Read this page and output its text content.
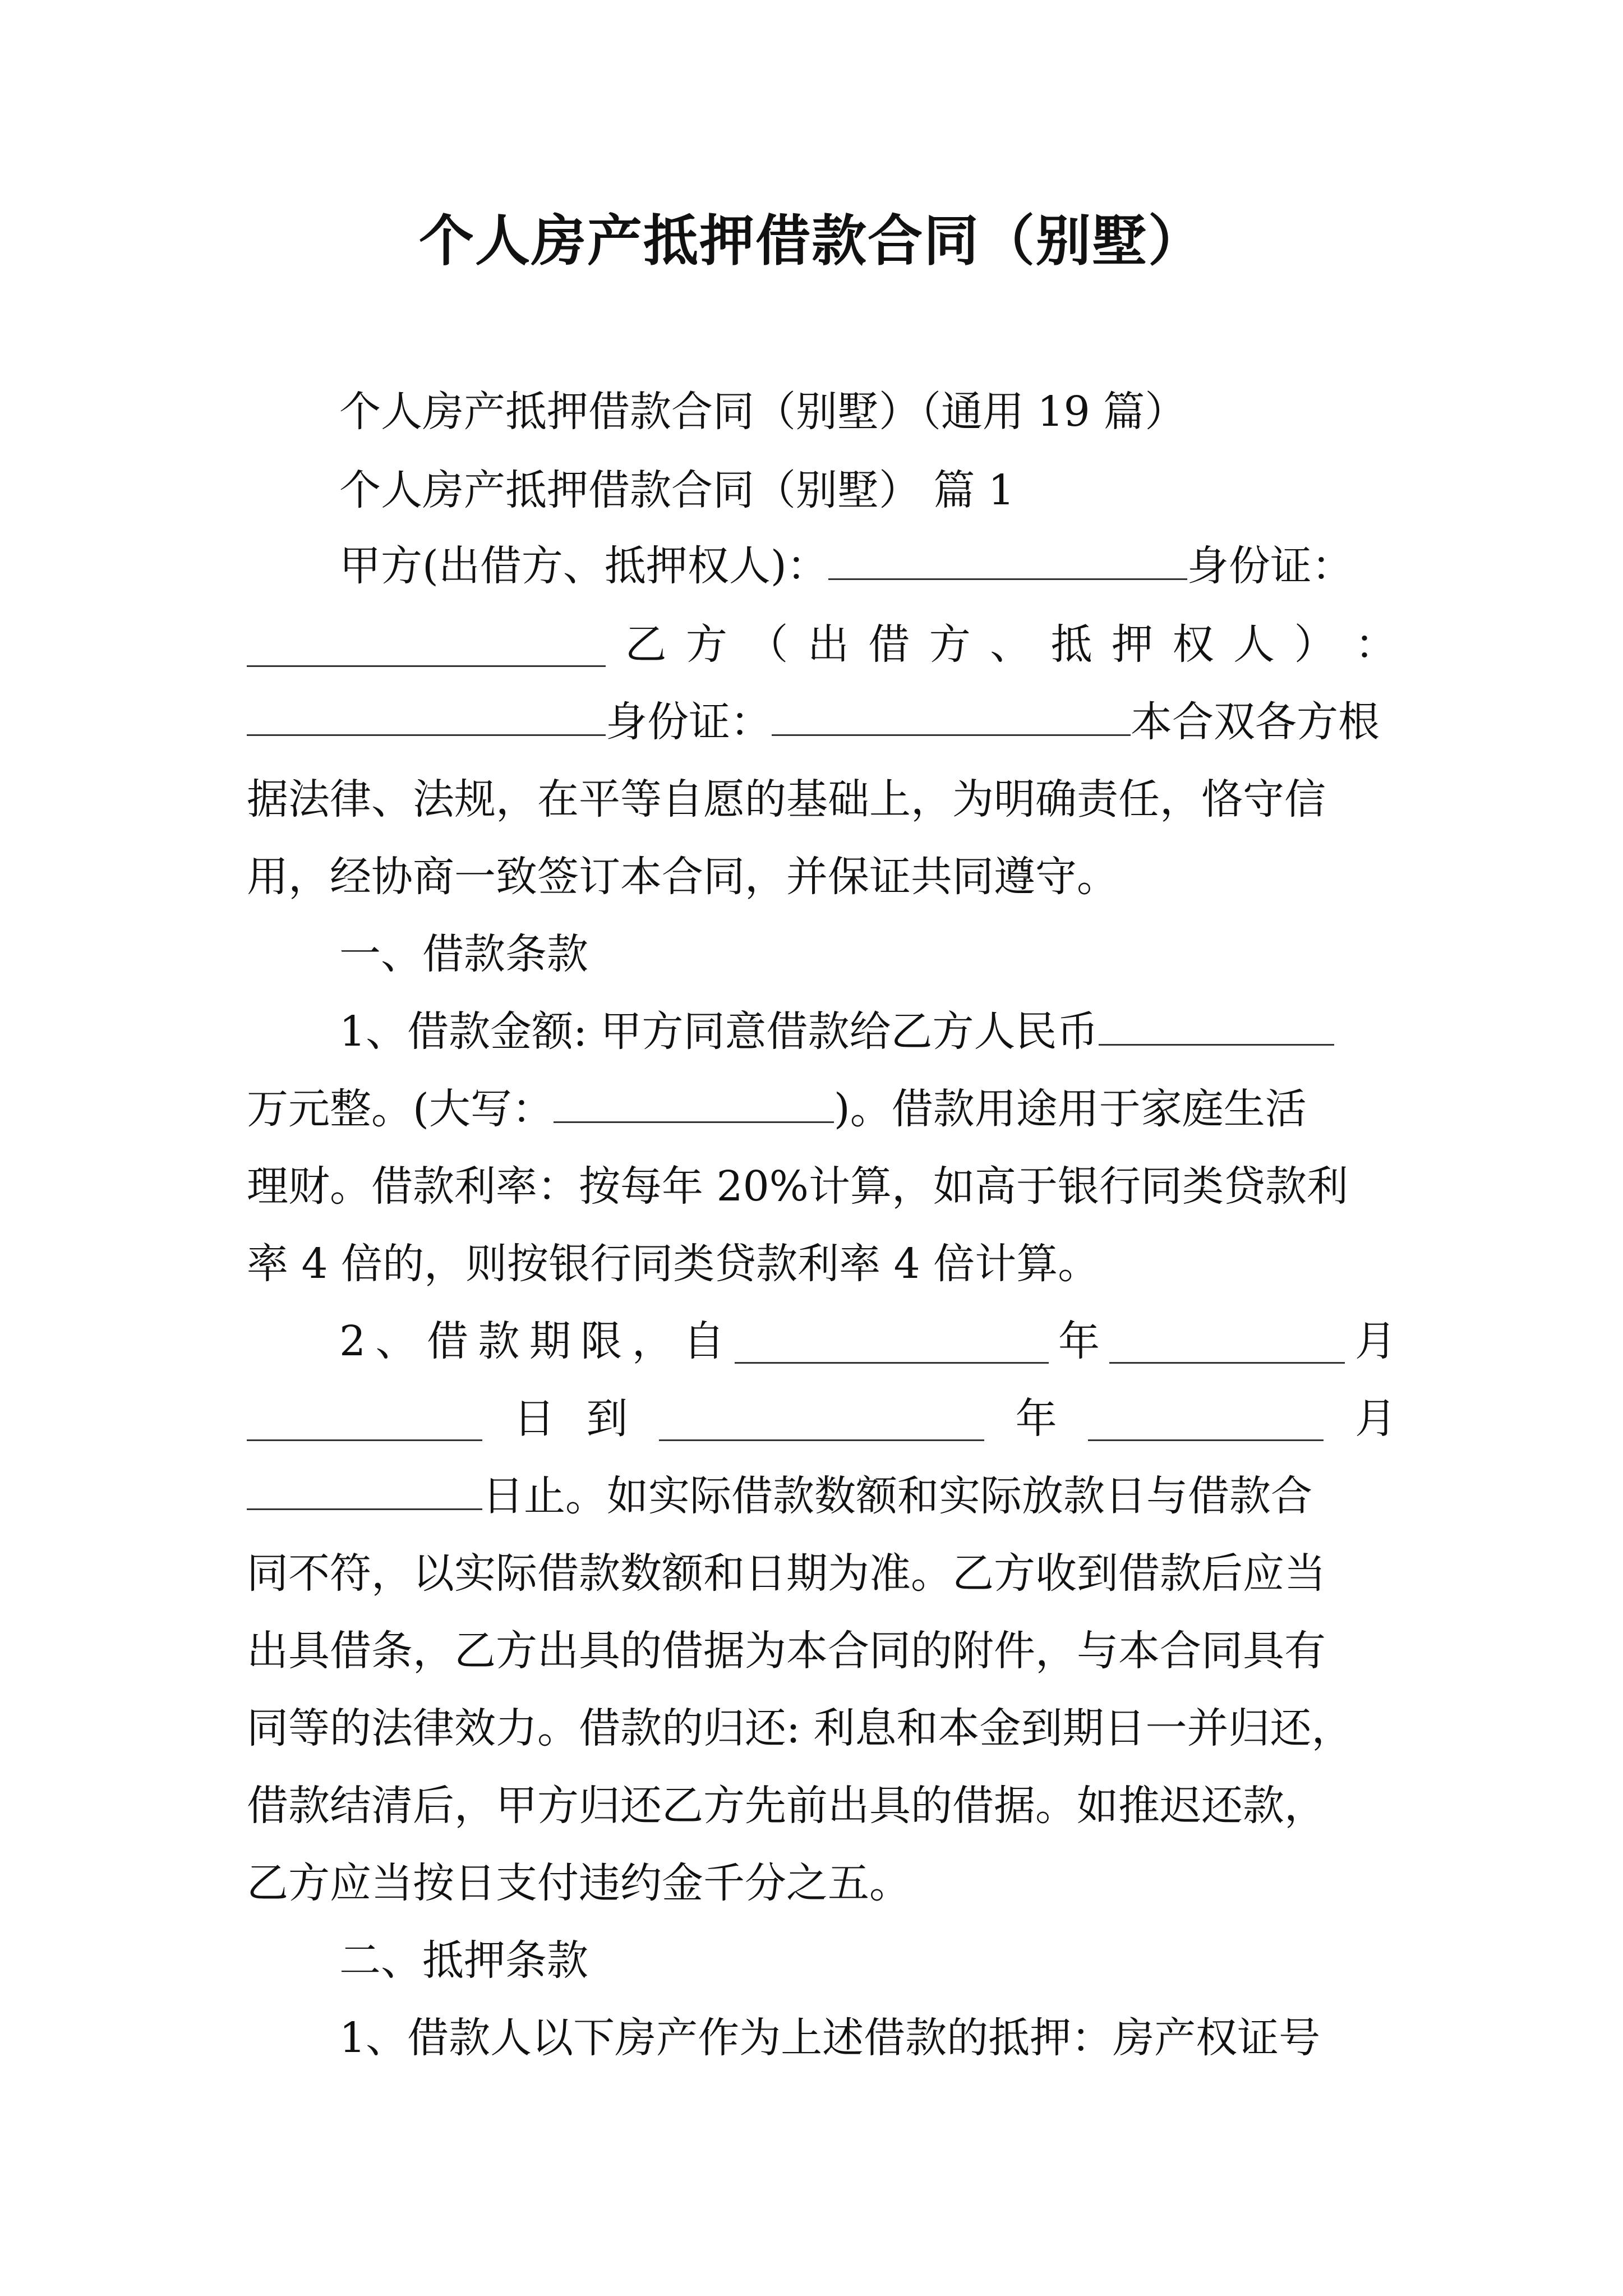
个人房产抵押借款合同（别墅）
个人房产抵押借款合同（别墅）（通用 19 篇）
个人房产抵押借款合同（别墅） 篇 1
甲方(出借方、抵押权人)：	身份证：
乙 方 （ 出 借 方 、 抵 押 权 人 ） ：
身份证：	本合双各方根
据法律、法规，在平等自愿的基础上，为明确责任，恪守信
用，经协商一致签订本合同，并保证共同遵守。
一、借款条款
1、借款金额: 甲方同意借款给乙方人民币
万元整。(大写：	)。借款用途用于家庭生活
理财。借款利率：按每年 20%计算，如高于银行同类贷款利
率 4 倍的，则按银行同类贷款利率 4 倍计算。
2 、 借 款 期 限 ， 自	年	月
日 到	年	月
日止。如实际借款数额和实际放款日与借款合
同不符，以实际借款数额和日期为准。乙方收到借款后应当
出具借条，乙方出具的借据为本合同的附件，与本合同具有
同等的法律效力。借款的归还: 利息和本金到期日一并归还，
借款结清后，甲方归还乙方先前出具的借据。如推迟还款，
乙方应当按日支付违约金千分之五。
二、抵押条款
1、借款人以下房产作为上述借款的抵押：房产权证号
